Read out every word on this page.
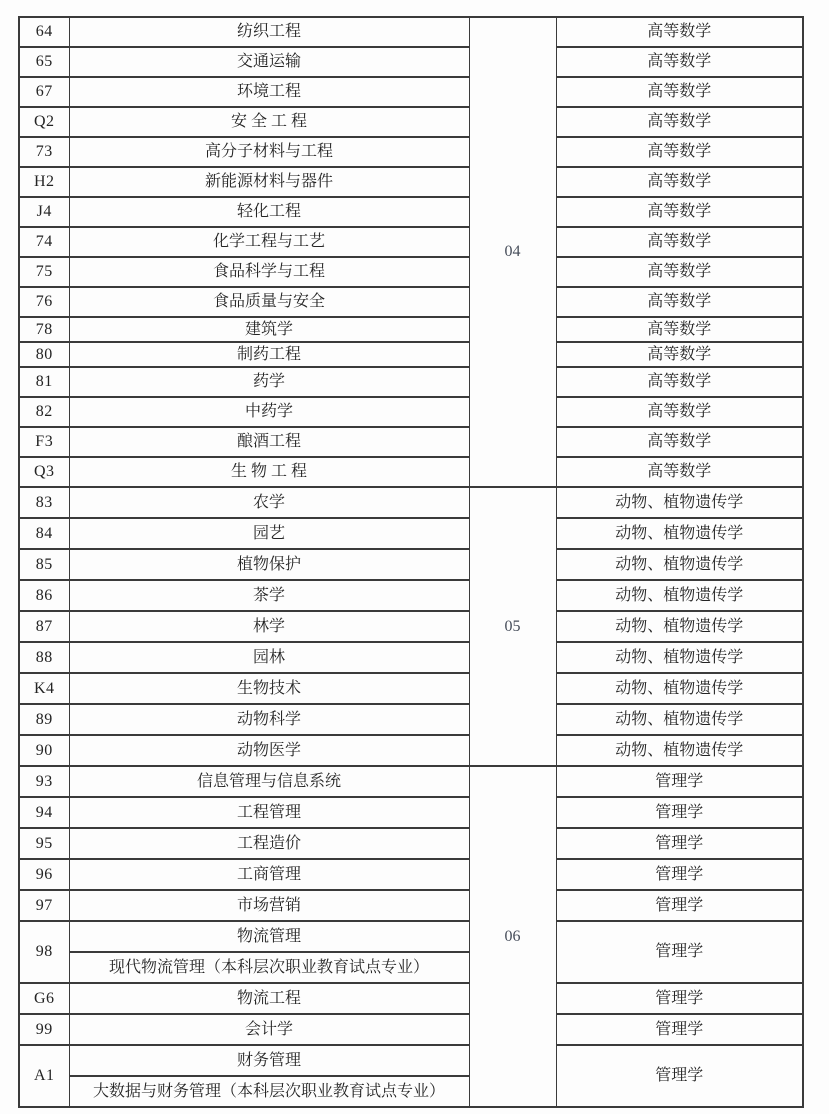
64	纺织工程	04	高等数学
65	交通运输		高等数学
67	环境工程		高等数学
Q2	安 全 工 程		高等数学
73	高分子材料与工程		高等数学
H2	新能源材料与器件		高等数学
J4	轻化工程		高等数学
74	化学工程与工艺		高等数学
75	食品科学与工程		高等数学
76	食品质量与安全		高等数学
78	建筑学		高等数学
80	制药工程		高等数学
81	药学		高等数学
82	中药学		高等数学
F3	酿酒工程		高等数学
Q3	生 物 工 程		高等数学
83	农学	05	动物、植物遗传学
84	园艺		动物、植物遗传学
85	植物保护		动物、植物遗传学
86	茶学		动物、植物遗传学
87	林学		动物、植物遗传学
88	园林		动物、植物遗传学
K4	生物技术		动物、植物遗传学
89	动物科学		动物、植物遗传学
90	动物医学		动物、植物遗传学
93	信息管理与信息系统	06	管理学
94	工程管理		管理学
95	工程造价		管理学
96	工商管理		管理学
97	市场营销		管理学
98	物流管理		管理学
	现代物流管理（本科层次职业教育试点专业）		
G6	物流工程		管理学
99	会计学		管理学
A1	财务管理		管理学
	大数据与财务管理（本科层次职业教育试点专业）		
